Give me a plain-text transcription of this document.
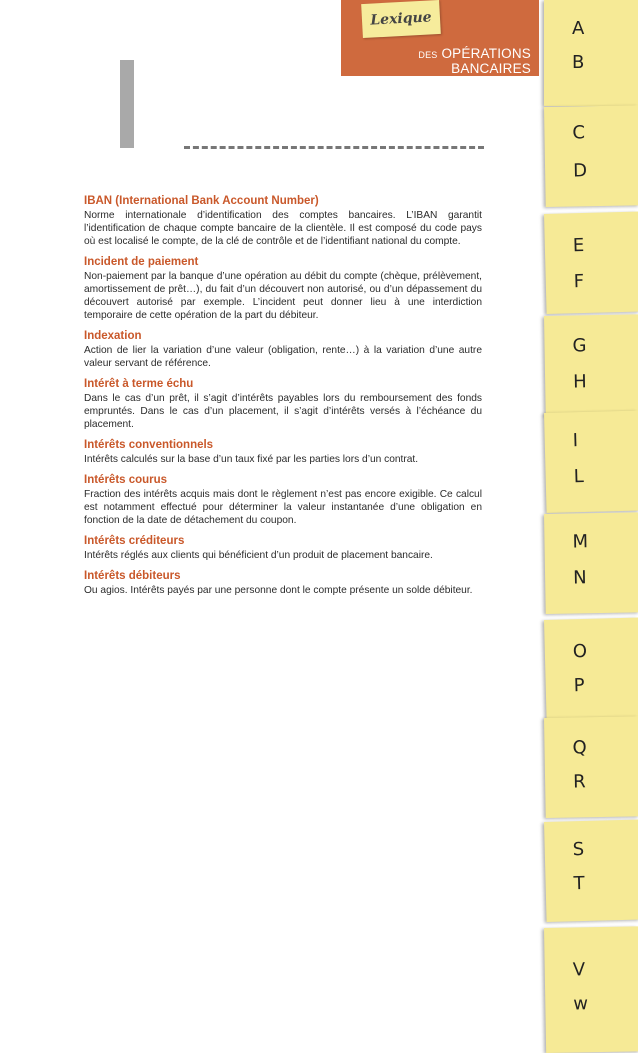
Lexique
DES OPÉRATIONS BANCAIRES
IBAN (International Bank Account Number)
Norme internationale d’identification des comptes bancaires. L’IBAN garantit l’identification de chaque compte bancaire de la clientèle. Il est composé du code pays où est localisé le compte, de la clé de contrôle et de l’identifiant national du compte.
Incident de paiement
Non-paiement par la banque d’une opération au débit du compte (chèque, prélèvement, amortissement de prêt…), du fait d’un découvert non autorisé, ou d’un dépassement du découvert autorisé par exemple. L’incident peut donner lieu à une interdiction temporaire de cette opération de la part du débiteur.
Indexation
Action de lier la variation d’une valeur (obligation, rente…) à la variation d’une autre valeur servant de référence.
Intérêt à terme échu
Dans le cas d’un prêt, il s’agit d’intérêts payables lors du remboursement des fonds empruntés. Dans le cas d’un placement, il s’agit d’intérêts versés à l’échéance du placement.
Intérêts conventionnels
Intérêts calculés sur la base d’un taux fixé par les parties lors d’un contrat.
Intérêts courus
Fraction des intérêts acquis mais dont le règlement n’est pas encore exigible. Ce calcul est notamment effectué pour déterminer la valeur instantanée d’une obligation en fonction de la date de détachement du coupon.
Intérêts créditeurs
Intérêts réglés aux clients qui bénéficient d’un produit de placement bancaire.
Intérêts débiteurs
Ou agios. Intérêts payés par une personne dont le compte présente un solde débiteur.
A
B
C
D
E
F
G
H
I
L
M
N
O
P
Q
R
S
T
V
w
